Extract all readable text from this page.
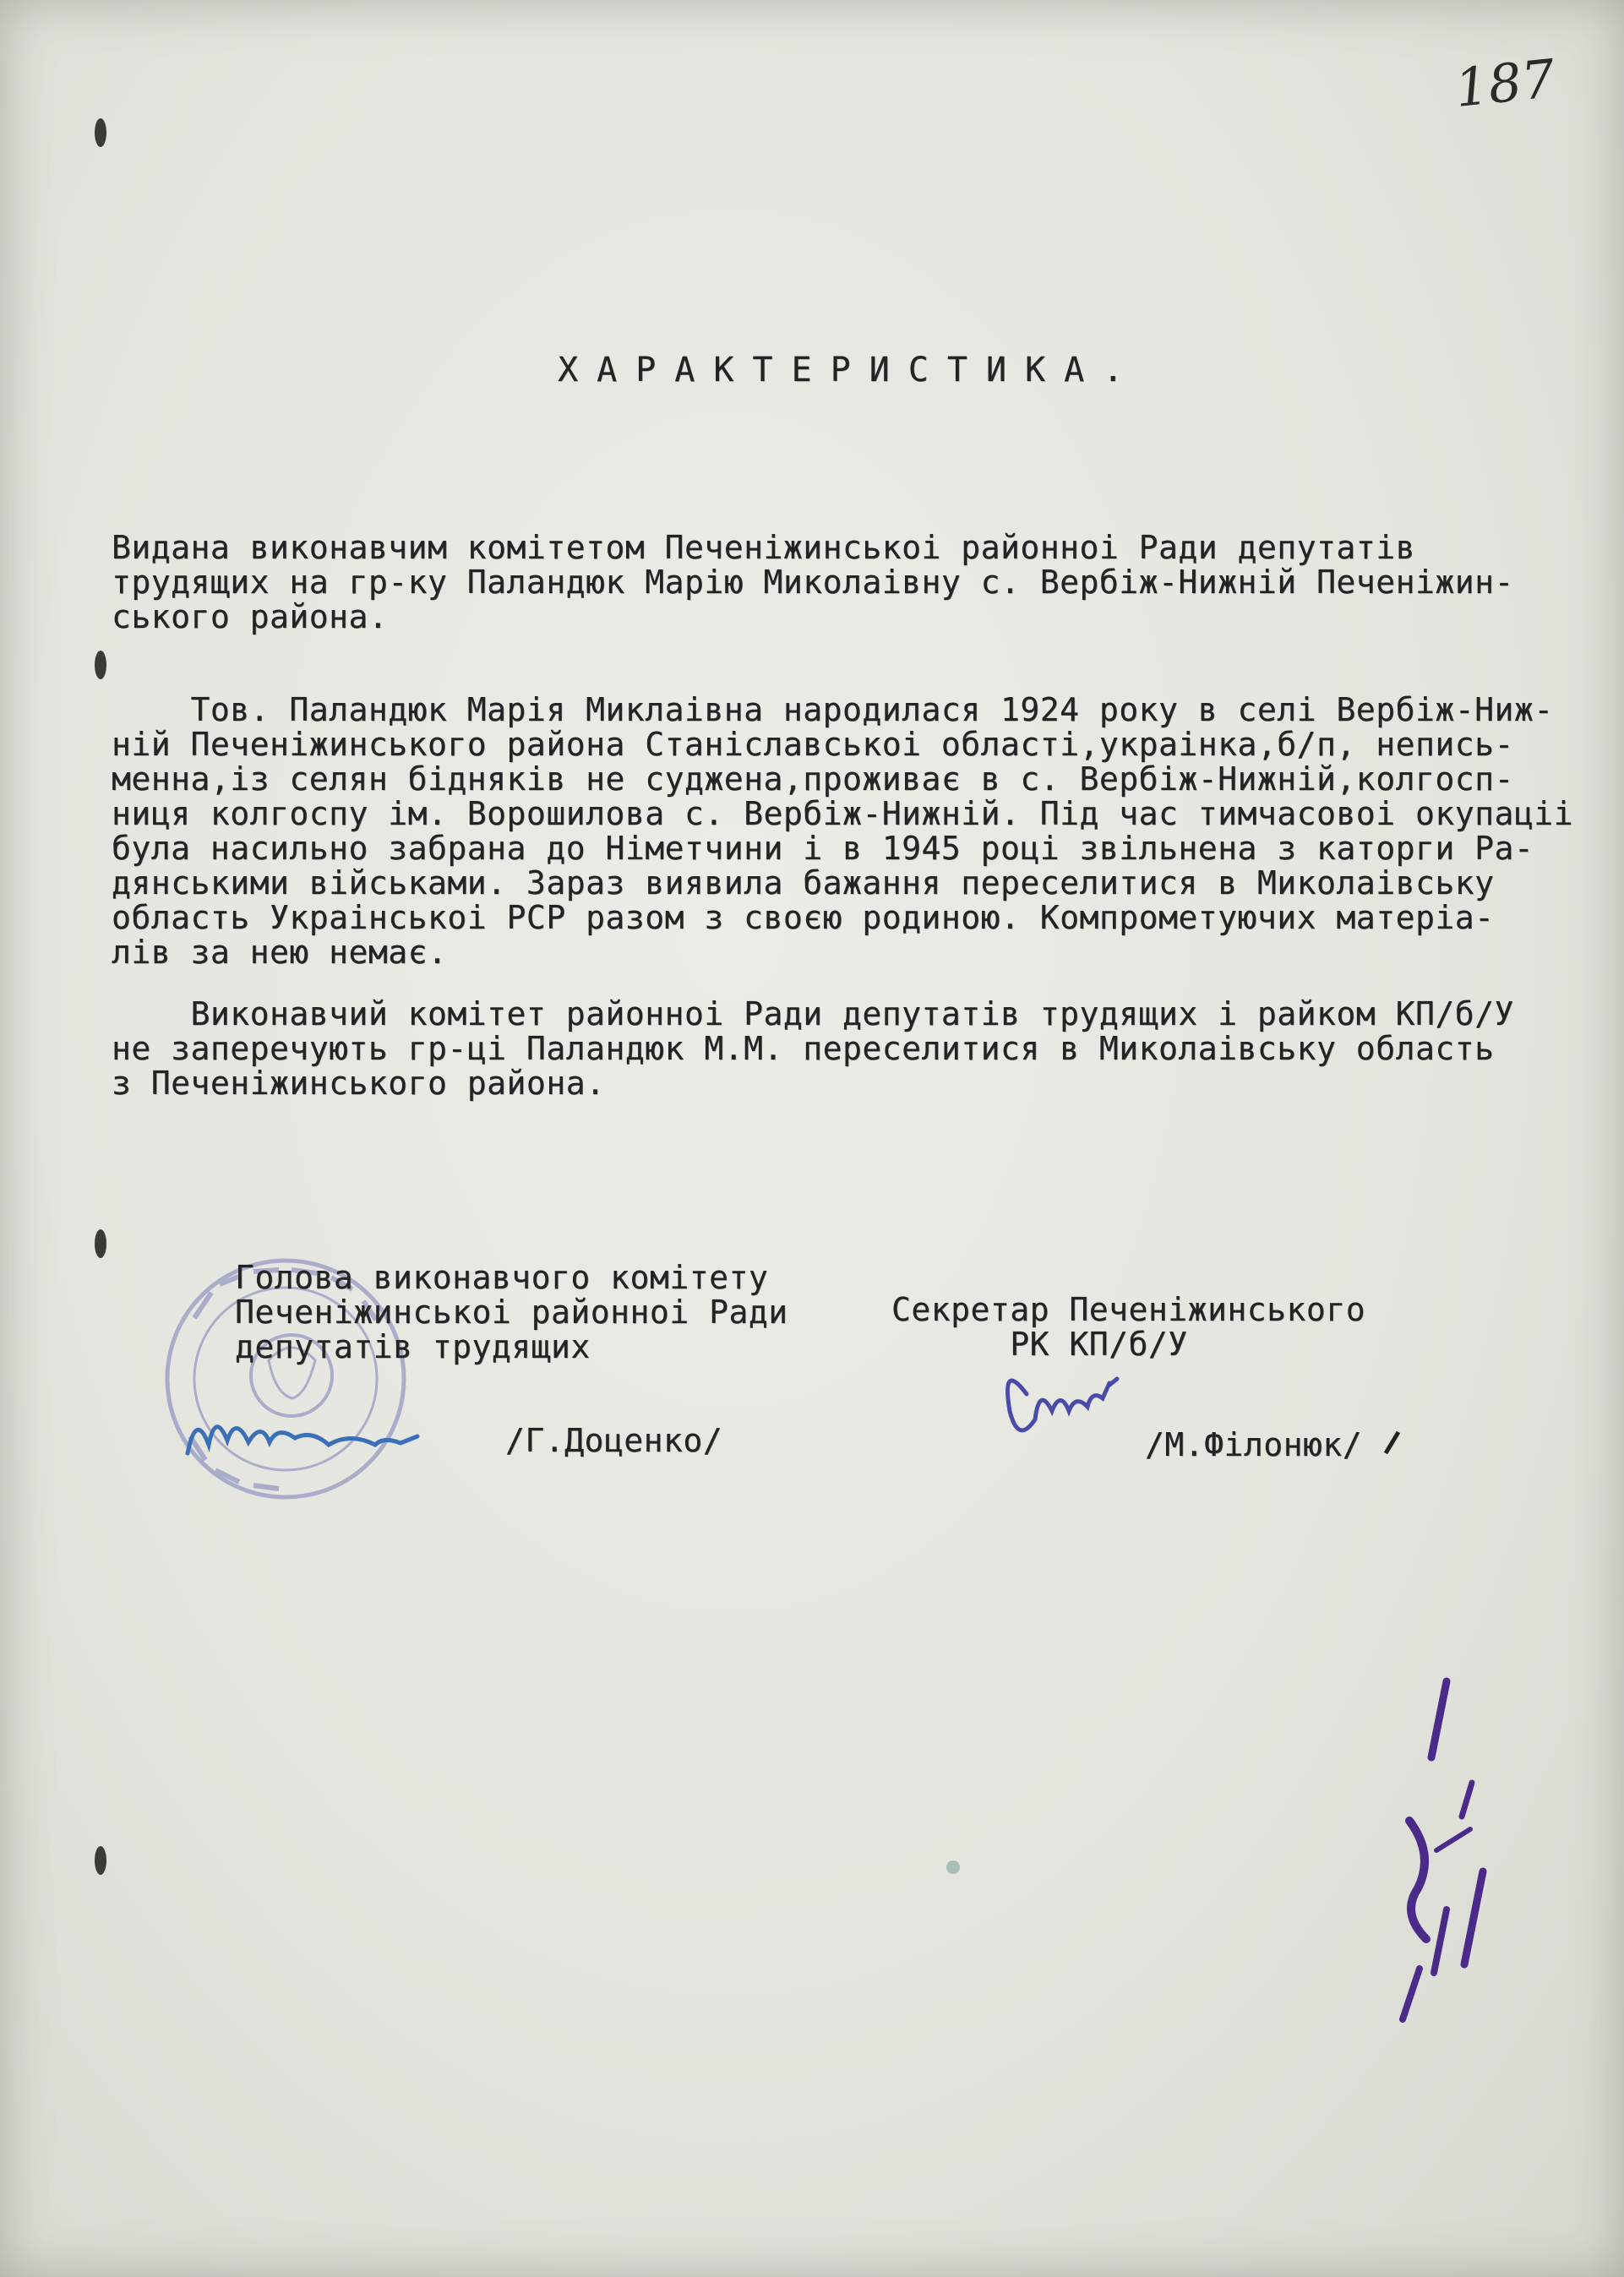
187
ХАРАКТЕРИСТИКА.
Видана виконавчим комітетом Печеніжинськоі районноі Ради депутатів
трудящих на гр-ку Паландюк Марію Миколаівну с. Вербіж-Нижній Печеніжин-
ського района.
Тов. Паландюк Марія Миклаівна народилася 1924 року в селі Вербіж-Ниж-
ній Печеніжинського района Станіславськоі області,украінка,б/п, непись-
менна,із селян бідняків не суджена,проживає в с. Вербіж-Нижній,колгосп-
ниця колгоспу ім. Ворошилова с. Вербіж-Нижній. Під час тимчасовоі окупаціі
була насильно забрана до Німетчини і в 1945 році звільнена з каторги Ра-
дянськими військами. Зараз виявила бажання переселитися в Миколаівську
область Украінськоі РСР разом з своєю родиною. Компрометуючих матеріа-
лів за нею немає.
Виконавчий комітет районноі Ради депутатів трудящих і райком КП/б/У
не заперечують гр-ці Паландюк М.М. переселитися в Миколаівську область
з Печеніжинського района.
Голова виконавчого комітету
Печеніжинськоі районноі Ради
депутатів трудящих
Секретар Печеніжинського
РК КП/б/У
/Г.Доценко/	/М.Філонюк/
